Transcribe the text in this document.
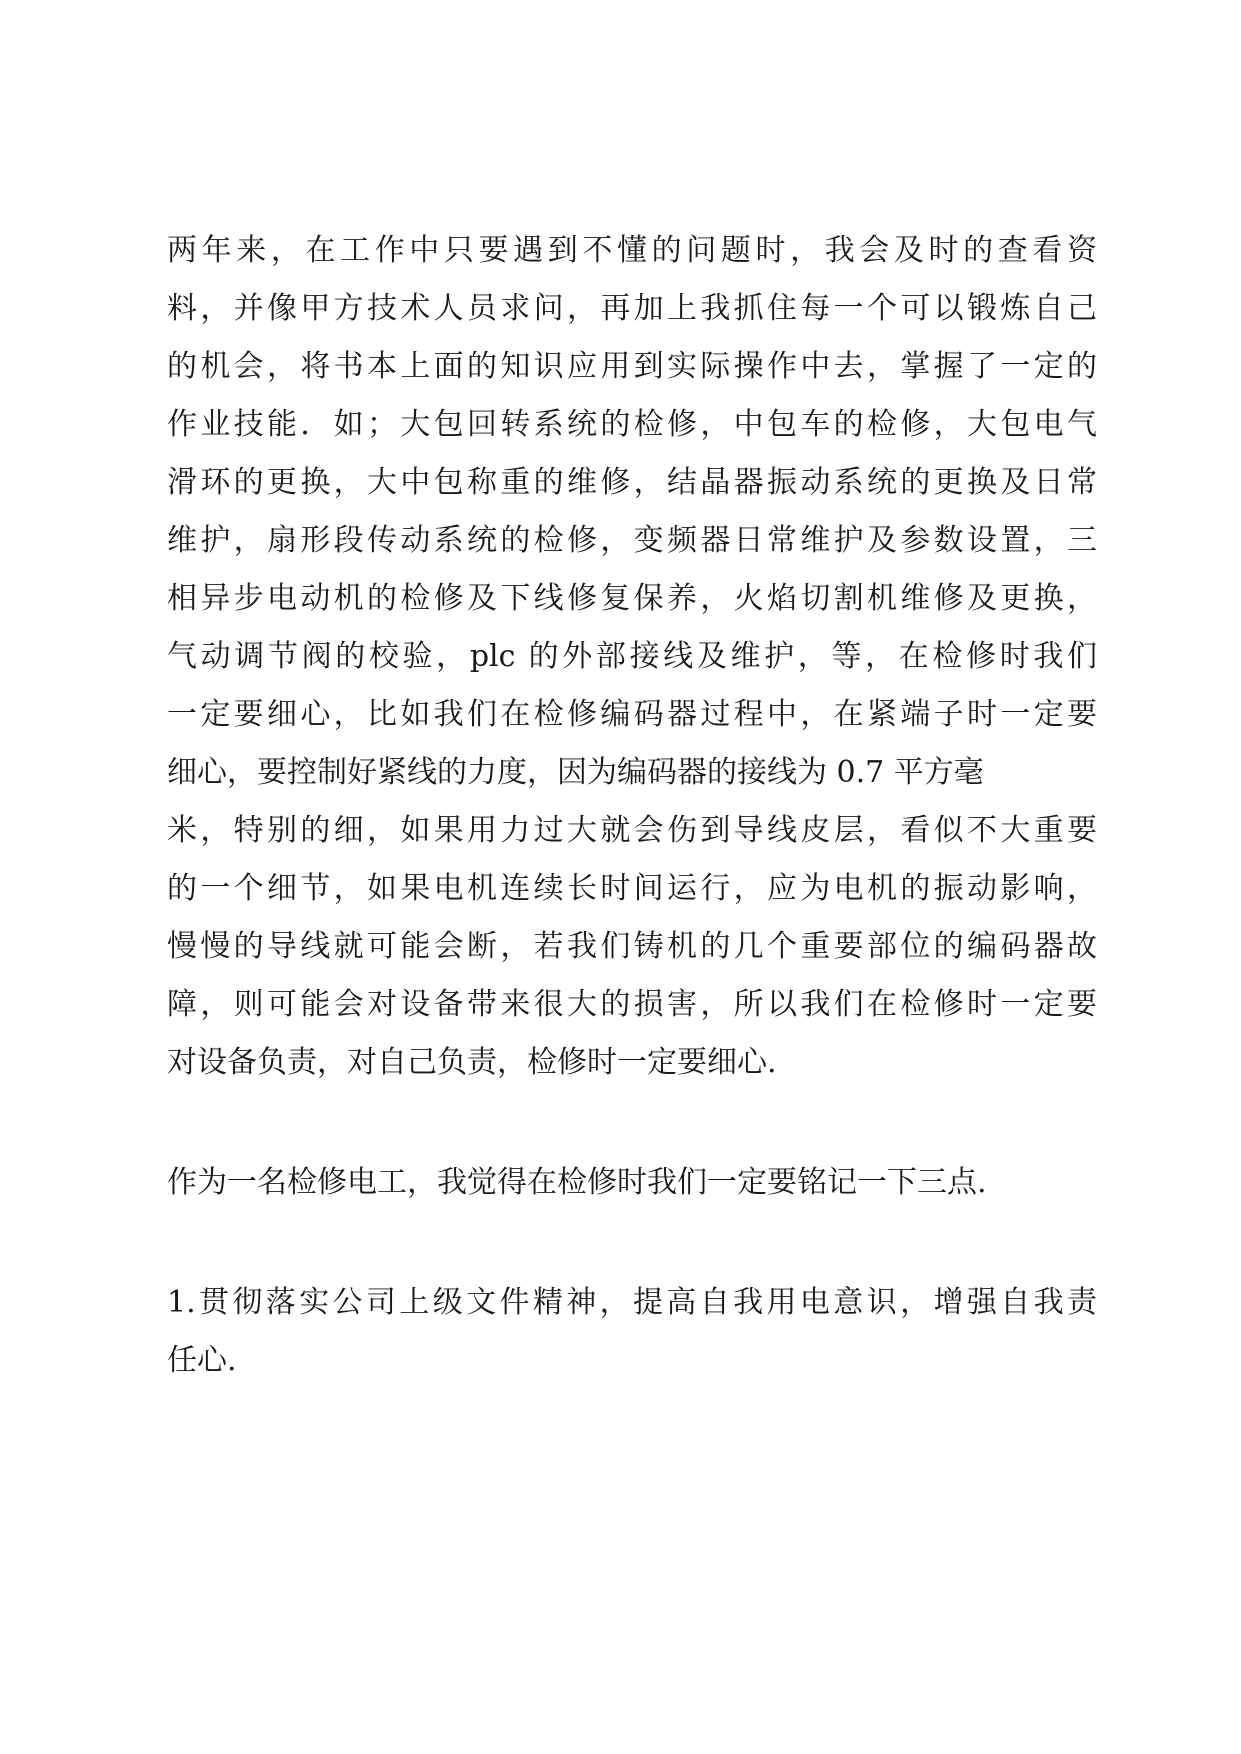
两年来，在工作中只要遇到不懂的问题时，我会及时的查看资
料，并像甲方技术人员求问，再加上我抓住每一个可以锻炼自己
的机会，将书本上面的知识应用到实际操作中去，掌握了一定的
作业技能．如；大包回转系统的检修，中包车的检修，大包电气
滑环的更换，大中包称重的维修，结晶器振动系统的更换及日常
维护，扇形段传动系统的检修，变频器日常维护及参数设置，三
相异步电动机的检修及下线修复保养，火焰切割机维修及更换，
气动调节阀的校验，plc 的外部接线及维护，等，在检修时我们
一定要细心，比如我们在检修编码器过程中，在紧端子时一定要
细心，要控制好紧线的力度，因为编码器的接线为 0.7 平方毫
米，特别的细，如果用力过大就会伤到导线皮层，看似不大重要
的一个细节，如果电机连续长时间运行，应为电机的振动影响，
慢慢的导线就可能会断，若我们铸机的几个重要部位的编码器故
障，则可能会对设备带来很大的损害，所以我们在检修时一定要
对设备负责，对自己负责，检修时一定要细心.
作为一名检修电工，我觉得在检修时我们一定要铭记一下三点.
1.贯彻落实公司上级文件精神，提高自我用电意识，增强自我责
任心.
